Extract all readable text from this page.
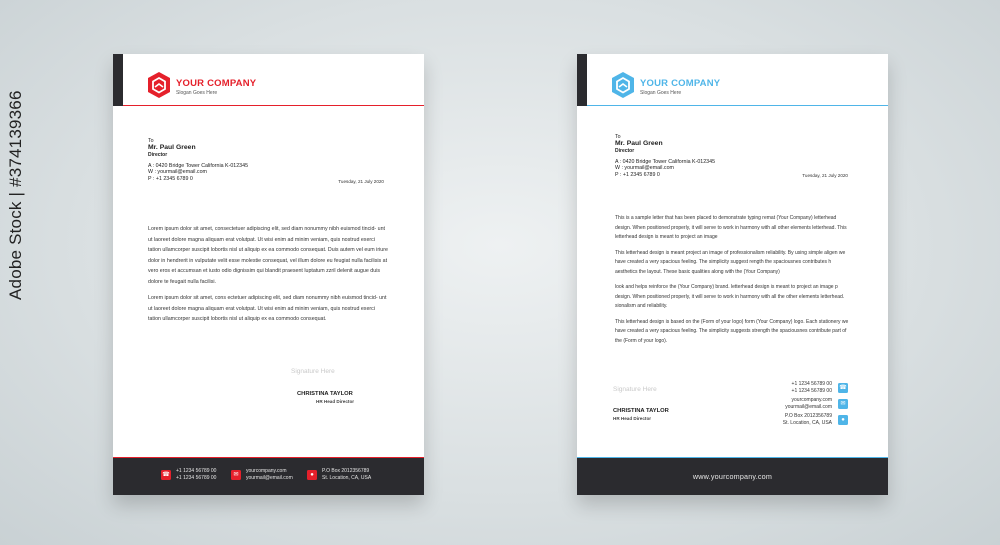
Adobe Stock | #374139366
YOUR COMPANY
Slogan Goes Here
To
Mr. Paul Green
Director
A : 0420 Bridge Tower California K-012345
W : yourmail@email.com
P : +1 2345 6789 0	Tuesday, 21 July 2020

Lorem ipsum dolor sit amet, consectetuer adipiscing elit, sed diam nonummy nibh euismod tincid- unt ut laoreet dolore magna aliquam erat volutpat. Ut wisi enim ad minim veniam, quis nostrud exerci tation ullamcorper suscipit lobortis nisl ut aliquip ex ea commodo consequat. Duis autem vel eum iriure dolor in hendrerit in vulputate velit esse molestie consequat, vel illum dolore eu feugiat nulla facilisis at vero eros et accumsan et iusto odio dignissim qui blandit praesent luptatum zzril delenit augue duis dolore te feugait nulla facilisi.

Lorem ipsum dolor sit amet, cons ectetuer adipiscing elit, sed diam nonummy nibh euismod tincid- unt ut laoreet dolore magna aliquam erat volutpat. Ut wisi enim ad minim veniam, quis nostrud exerci tation ullamcorper suscipit lobortis nisl ut aliquip ex ea commodo consequat.

Signature Here
CHRISTINA TAYLOR
HR Head Director
☎
+1 1234 56789 00
+1 1234 56789 00	✉
yourcompany.com
yourmail@email.com	●
P.O Box 2012356789
St. Location, CA, USA
YOUR COMPANY
Slogan Goes Here
To
Mr. Paul Green
Director
A : 0420 Bridge Tower California K-012345
W : yourmail@email.com
P : +1 2345 6789 0	Tuesday, 21 July 2020

This is a sample letter that has been placed to demonstrate typing remat (Your Company) letterhead design. When positioned properly, it will serve to work in harmony with all other elements letterhead. This letterhead design is meant to project an image

This letterhead design is meant project an image of professionalism reliability. By using simple aligen we have created a very spacious feeling. The simplicity suggest rength the spaciousnes contributes h aesthetics the layout. These basic qualities along with the (Your Company)

look and helps reinforce the (Your Company) brand. letterhead design is meant to project an image p design. When positioned properly, it will serve to work in harmony with all the other elements letterhead. sionalism and reliability.

This letterhead design is based on the (Form of your logo) form (Your Company) logo. Each stationery we have created a very spacious feeling. The simplicity suggests strength the spaciousnes contribute part of the (Form of your logo).

Signature Here
CHRISTINA TAYLOR
HR Head Director
+1 1234 56789 00
+1 1234 56789 00 ☎
yourcompany.com
yourmail@email.com	✉
P.O Box 2012356789
St. Location, CA, USA	●
www.yourcompany.com
